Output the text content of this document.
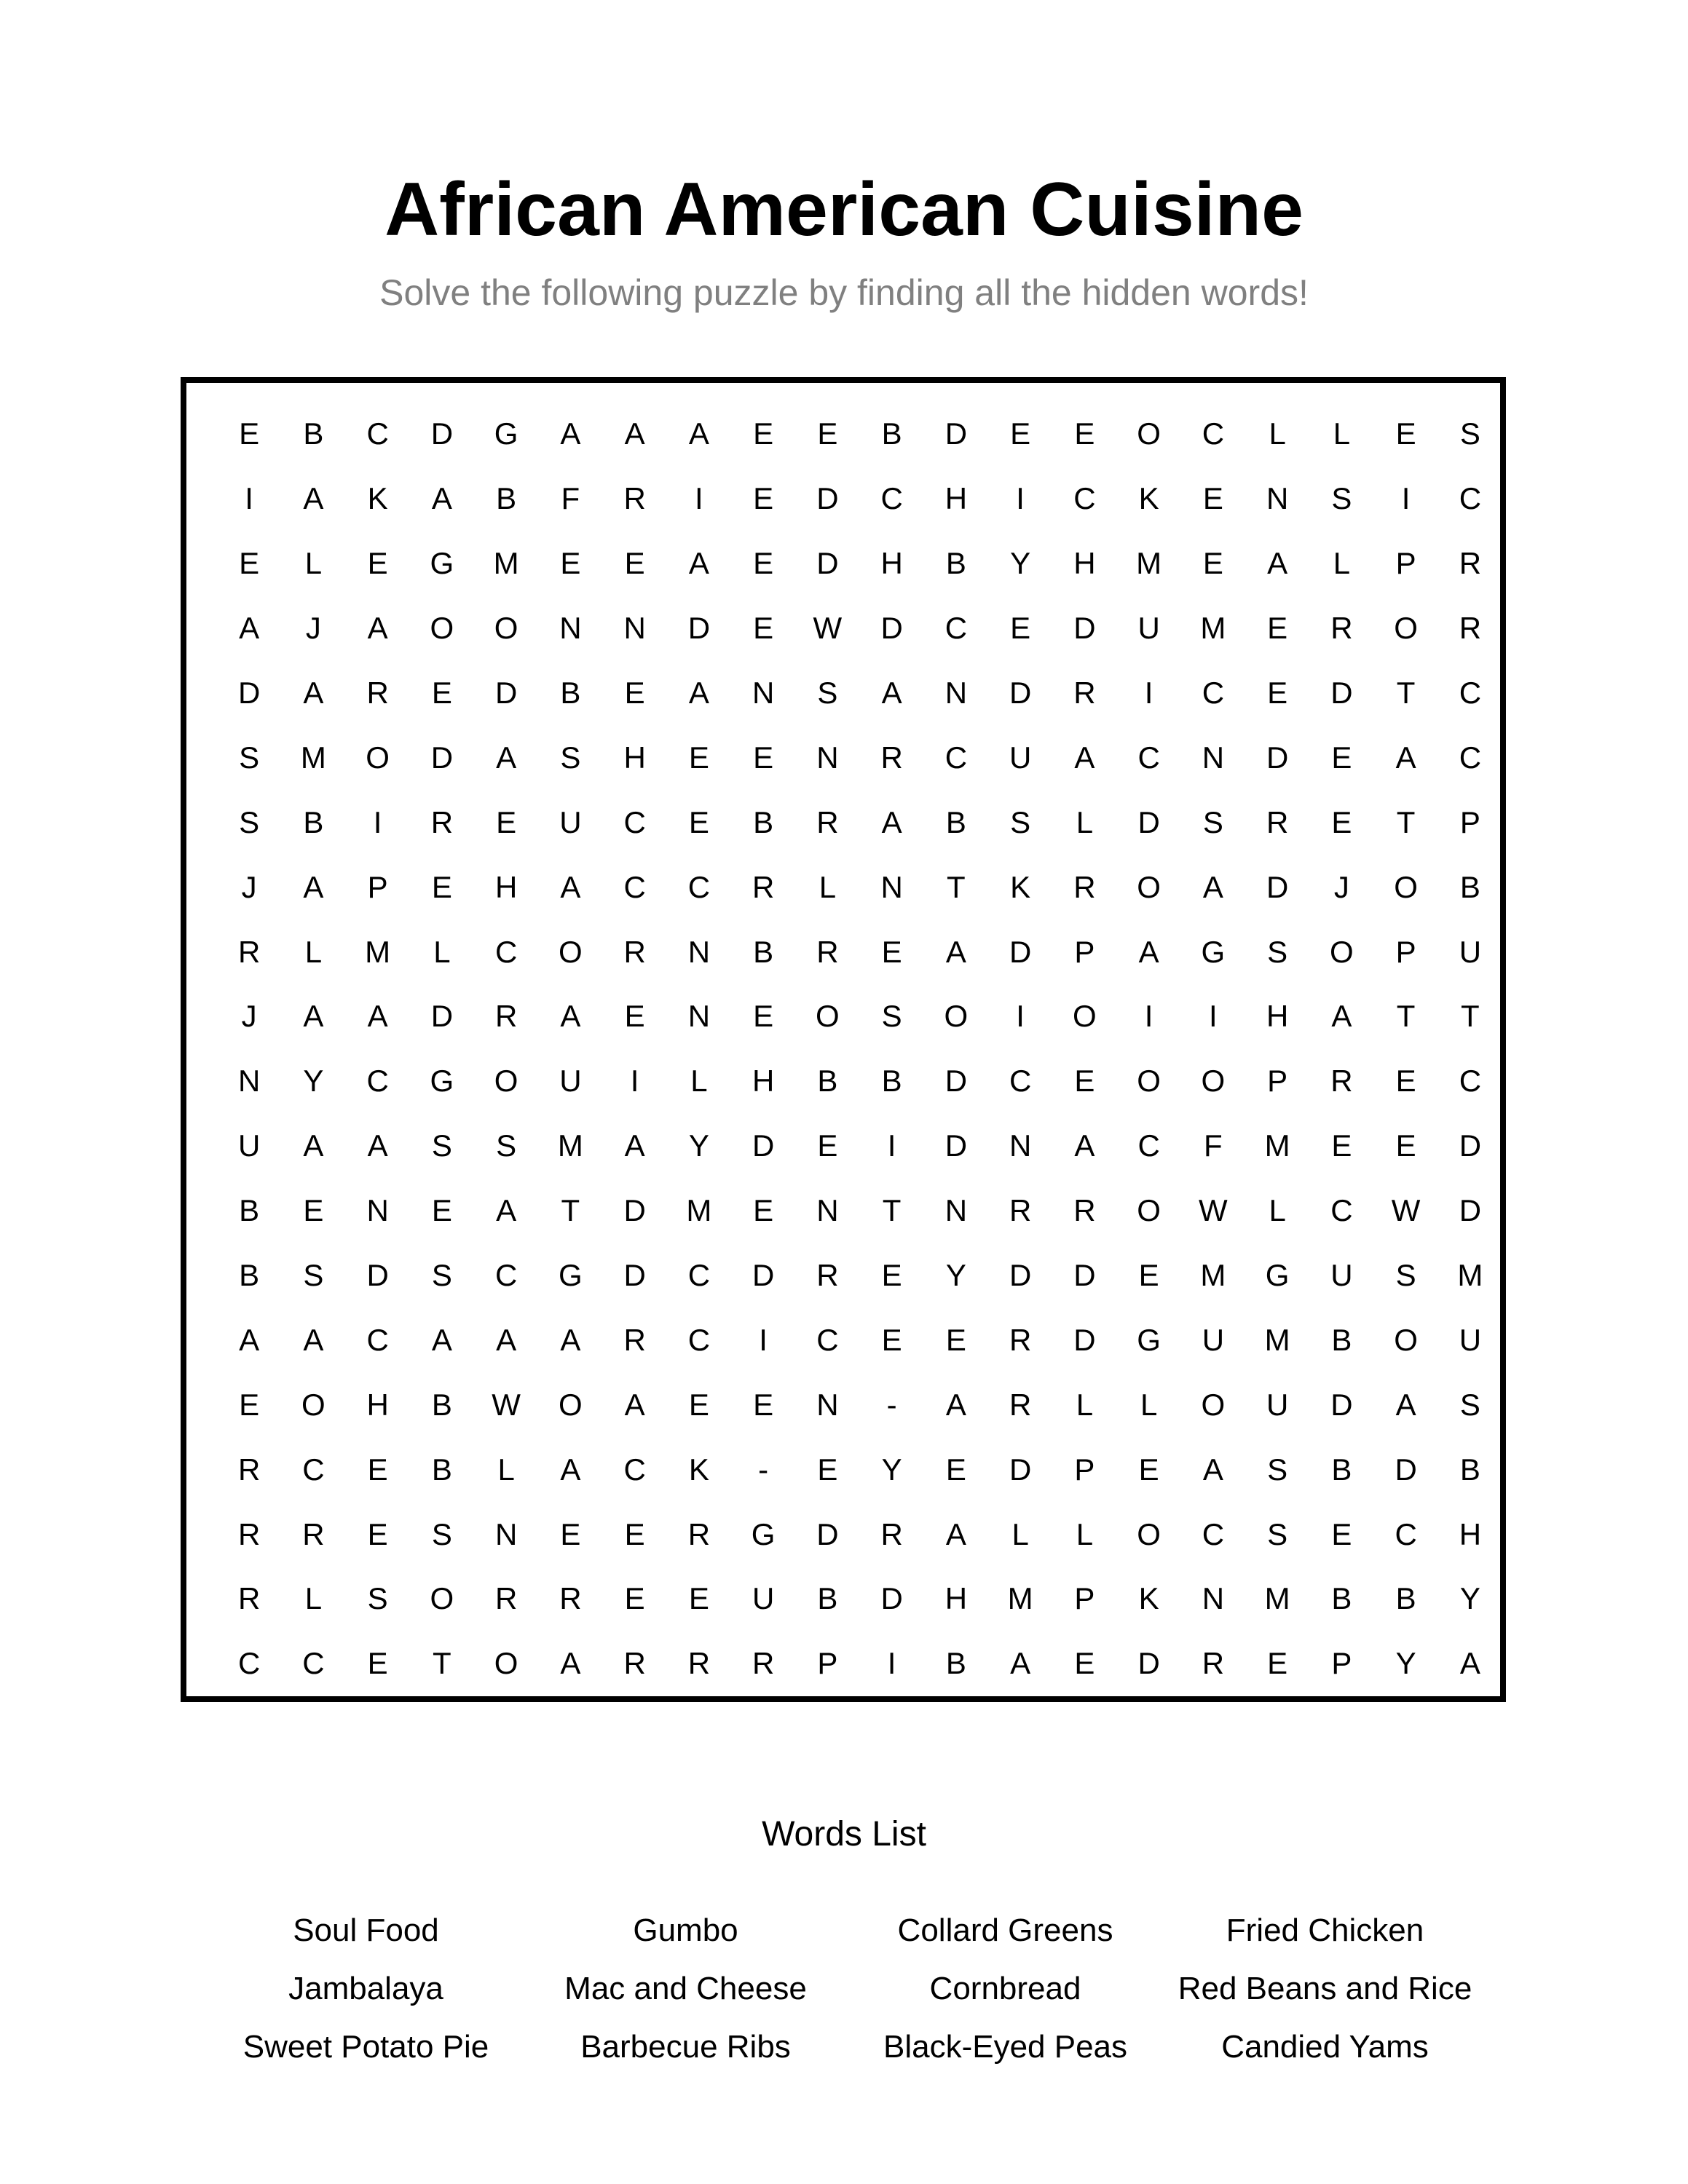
African American Cuisine
Solve the following puzzle by finding all the hidden words!
E	B	C	D	G	A	A	A	E	E	B	D	E	E	O	C	L	L	E	S
I	A	K	A	B	F	R	I	E	D	C	H	I	C	K	E	N	S	I	C
E	L	E	G	M	E	E	A	E	D	H	B	Y	H	M	E	A	L	P	R
A	J	A	O	O	N	N	D	E	W	D	C	E	D	U	M	E	R	O	R
D	A	R	E	D	B	E	A	N	S	A	N	D	R	I	C	E	D	T	C
S	M	O	D	A	S	H	E	E	N	R	C	U	A	C	N	D	E	A	C
S	B	I	R	E	U	C	E	B	R	A	B	S	L	D	S	R	E	T	P
J	A	P	E	H	A	C	C	R	L	N	T	K	R	O	A	D	J	O	B
R	L	M	L	C	O	R	N	B	R	E	A	D	P	A	G	S	O	P	U
J	A	A	D	R	A	E	N	E	O	S	O	I	O	I	I	H	A	T	T
N	Y	C	G	O	U	I	L	H	B	B	D	C	E	O	O	P	R	E	C
U	A	A	S	S	M	A	Y	D	E	I	D	N	A	C	F	M	E	E	D
B	E	N	E	A	T	D	M	E	N	T	N	R	R	O	W	L	C	W	D
B	S	D	S	C	G	D	C	D	R	E	Y	D	D	E	M	G	U	S	M
A	A	C	A	A	A	R	C	I	C	E	E	R	D	G	U	M	B	O	U
E	O	H	B	W	O	A	E	E	N	-	A	R	L	L	O	U	D	A	S
R	C	E	B	L	A	C	K	-	E	Y	E	D	P	E	A	S	B	D	B
R	R	E	S	N	E	E	R	G	D	R	A	L	L	O	C	S	E	C	H
R	L	S	O	R	R	E	E	U	B	D	H	M	P	K	N	M	B	B	Y
C	C	E	T	O	A	R	R	R	P	I	B	A	E	D	R	E	P	Y	A
Words List
Soul Food	Gumbo	Collard Greens	Fried Chicken
Jambalaya	Mac and Cheese	Cornbread	Red Beans and Rice
Sweet Potato Pie	Barbecue Ribs	Black-Eyed Peas	Candied Yams
